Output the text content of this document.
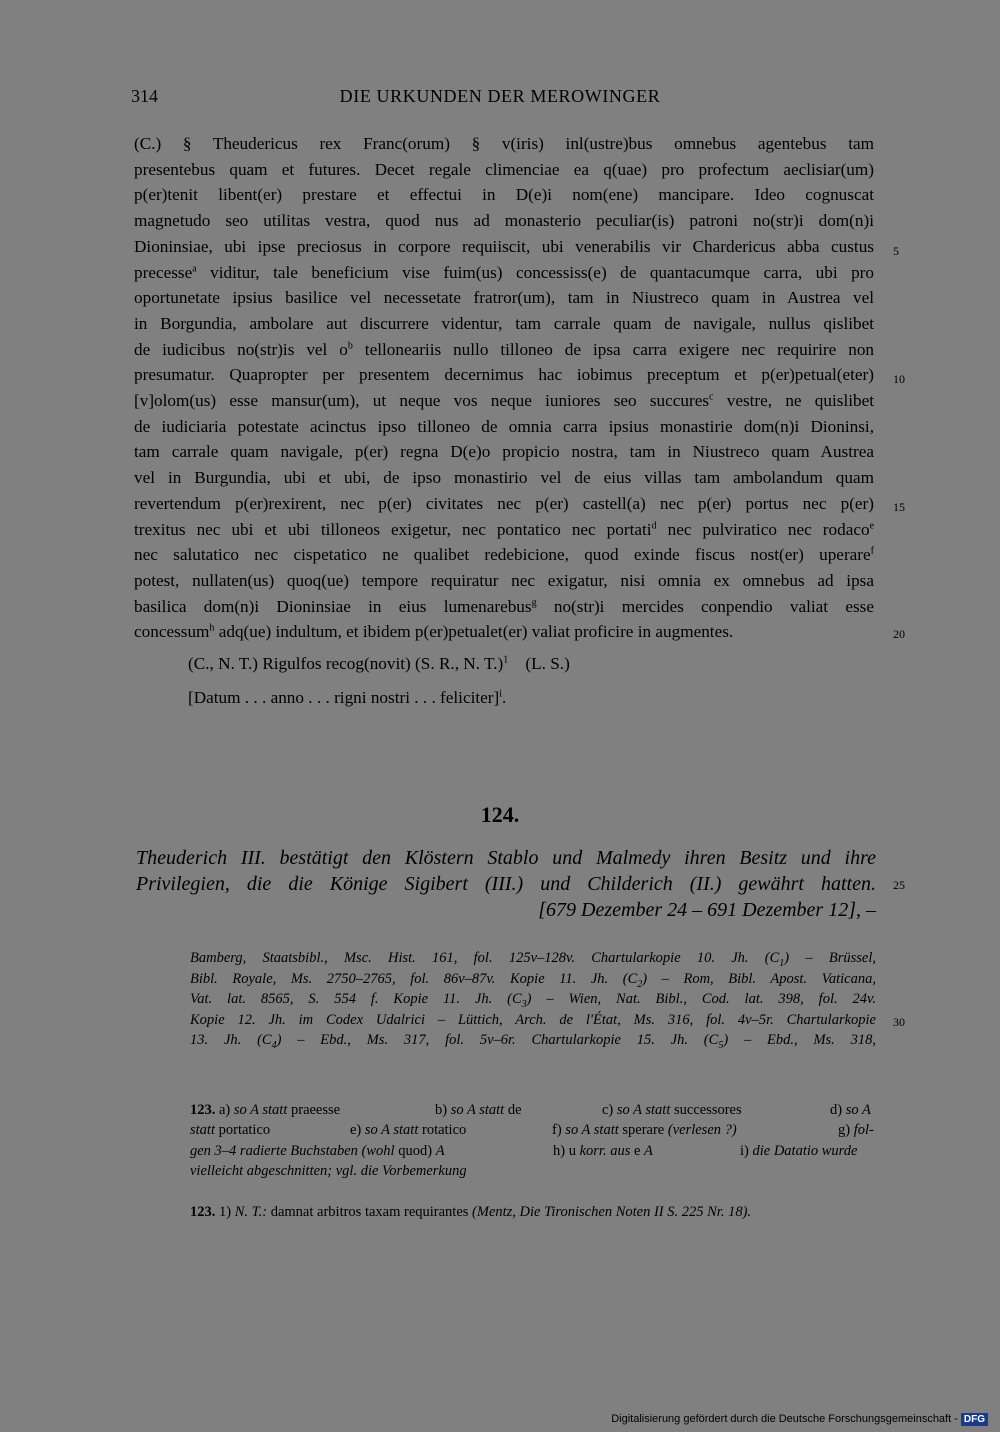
314	DIE URKUNDEN DER MEROWINGER
(C.) § Theudericus rex Franc(orum) § v(iris) inl(ustre)bus omnebus agentebus tam
presentebus quam et futures. Decet regale climenciae ea q(uae) pro profectum aeclisiar(um)
p(er)tenit libent(er) prestare et effectui in D(e)i nom(ene) mancipare. Ideo cognuscat
magnetudo seo utilitas vestra, quod nus ad monasterio peculiar(is) patroni no(str)i dom(n)i
Dioninsiae, ubi ipse preciosus in corpore requiiscit, ubi venerabilis vir Chardericus abba custus
precesse$^a$ viditur, tale beneficium vise fuim(us) concessiss(e) de quantacumque carra, ubi pro
oportunetate ipsius basilice vel necessetate fratror(um), tam in Niustreco quam in Austrea vel
in Borgundia, ambolare aut discurrere videntur, tam carrale quam de navigale, nullus qislibet
de iudicibus no(str)is vel $o^b$ telloneariis nullo tilloneo de ipsa carra exigere nec requirire non
presumatur. Quapropter per presentem decernimus hac iobimus preceptum et p(er)petual(eter)
[v]olom(us) esse mansur(um), ut neque vos neque iuniores seo succures$^c$ vestre, ne quislibet
de iudiciaria potestate acinctus ipso tilloneo de omnia carra ipsius monastirie dom(n)i Dioninsi,
tam carrale quam navigale, p(er) regna D(e)o propicio nostra, tam in Niustreco quam Austrea
vel in Burgundia, ubi et ubi, de ipso monastirio vel de eius villas tam ambolandum quam
revertendum p(er)rexirent, nec p(er) civitates nec p(er) castell(a) nec p(er) portus nec p(er)
trexitus nec ubi et ubi tilloneos exigetur, nec pontatico nec portati$^d$ nec pulviratico nec rodaco$^e$
nec salutatico nec cispetatico ne qualibet redebicione, quod exinde fiscus nost(er) uperare$^f$
potest, nullaten(us) quoq(ue) tempore requiratur nec exigatur, nisi omnia ex omnebus ad ipsa
basilica dom(n)i Dioninsiae in eius lumenarebus$^g$ no(str)i mercides conpendio valiat esse
concessum$^h$ adq(ue) indultum, et ibidem p(er)petualet(er) valiat proficire in augmentes.
5
10
15
20
(C., N. T.) Rigulfos recog(novit) (S. R., N. T.)$^1$ (L. S.)
[Datum . . . anno . . . rigni nostri . . . feliciter]$^i$.
124.
Theuderich III. bestätigt den Klöstern Stablo und Malmedy ihren Besitz und ihre
Privilegien, die die Könige Sigibert (III.) und Childerich (II.) gewährt hatten.
[679 Dezember 24 – 691 Dezember 12], –
25
Bamberg, Staatsbibl., Msc. Hist. 161, fol. 125v–128v. Chartularkopie 10. Jh. $(C_1)$ – Brüssel,
Bibl. Royale, Ms. 2750–2765, fol. 86v–87v. Kopie 11. Jh. $(C_2)$ – Rom, Bibl. Apost. Vaticana,
Vat. lat. 8565, S. 554 f. Kopie 11. Jh. $(C_3)$ – Wien, Nat. Bibl., Cod. lat. 398, fol. 24v.
Kopie 12. Jh. im Codex Udalrici – Lüttich, Arch. de l'État, Ms. 316, fol. 4v–5r. Chartularkopie
13. Jh. $(C_4)$ – Ebd., Ms. 317, fol. 5v–6r. Chartularkopie 15. Jh. $(C_5)$ – Ebd., Ms. 318,
30
123. a) so A statt praeesse	b) so A statt de	c) so A statt successores	d) so A
statt portatico	e) so A statt rotatico	f) so A statt sperare (verlesen ?)	g) fol-
gen 3–4 radierte Buchstaben (wohl quod) A	h) u korr. aus e A	i) die Datatio wurde
vielleicht abgeschnitten; vgl. die Vorbemerkung
123. 1) N. T.: damnat arbitros taxam requirantes (Mentz, Die Tironischen Noten II S. 225 Nr. 18).
Digitalisierung gefördert durch die Deutsche Forschungsgemeinschaft - DFG
